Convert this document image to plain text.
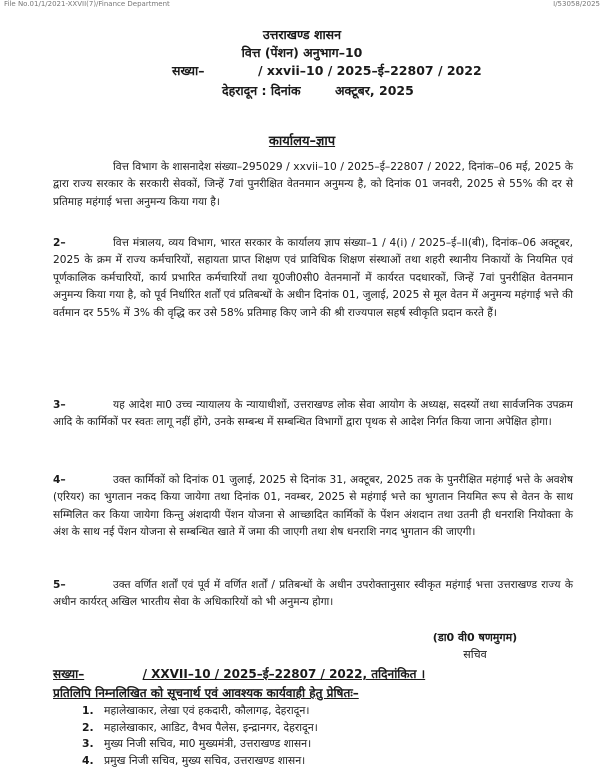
File No.01/1/2021-XXVII(7)/Finance Department	I/53058/2025
उत्तराखण्ड शासन
वित्त (पेंशन) अनुभाग–10
सख्या–	/ xxvii–10 / 2025–ई–22807 / 2022
देहरादून : दिनांक	अक्टूबर, 2025
कार्यालय–ज्ञाप
वित्त विभाग के शासनादेश संख्या–295029 / xxvii–10 / 2025–ई–22807 / 2022, दिनांक–06 मई, 2025 के द्वारा राज्य सरकार के सरकारी सेवकों, जिन्हें 7वां पुनरीक्षित वेतनमान अनुमन्य है, को दिनांक 01 जनवरी, 2025 से 55% की दर से प्रतिमाह महंगाई भत्ता अनुमन्य किया गया है।
2–	वित्त मंत्रालय, व्यय विभाग, भारत सरकार के कार्यालय ज्ञाप संख्या–1 / 4(i) / 2025–ई–II(बी), दिनांक–06 अक्टूबर, 2025 के क्रम में राज्य कर्मचारियों, सहायता प्राप्त शिक्षण एवं प्राविधिक शिक्षण संस्थाओं तथा शहरी स्थानीय निकायों के नियमित एवं पूर्णकालिक कर्मचारियों, कार्य प्रभारित कर्मचारियों तथा यू0जी0सी0 वेतनमानों में कार्यरत पदधारकों, जिन्हें 7वां पुनरीक्षित वेतनमान अनुमन्य किया गया है, को पूर्व निर्धारित शर्तों एवं प्रतिबन्धों के अधीन दिनांक 01, जुलाई, 2025 से मूल वेतन में अनुमन्य महंगाई भत्ते की वर्तमान दर 55% में 3% की वृद्धि कर उसे 58% प्रतिमाह किए जाने की श्री राज्यपाल सहर्ष स्वीकृति प्रदान करते हैं।
3–	यह आदेश मा0 उच्च न्यायालय के न्यायाधीशों, उत्तराखण्ड लोक सेवा आयोग के अध्यक्ष, सदस्यों तथा सार्वजनिक उपक्रम आदि के कार्मिकों पर स्वतः लागू नहीं होंगे, उनके सम्बन्ध में सम्बन्धित विभागों द्वारा पृथक से आदेश निर्गत किया जाना अपेक्षित होगा।
4–	उक्त कार्मिकों को दिनांक 01 जुलाई, 2025 से दिनांक 31, अक्टूबर, 2025 तक के पुनरीक्षित महंगाई भत्ते के अवशेष (एरियर) का भुगतान नकद किया जायेगा तथा दिनांक 01, नवम्बर, 2025 से महंगाई भत्ते का भुगतान नियमित रूप से वेतन के साथ सम्मिलित कर किया जायेगा किन्तु अंशदायी पेंशन योजना से आच्छादित कार्मिकों के पेंशन अंशदान तथा उतनी ही धनराशि नियोक्ता के अंश के साथ नई पेंशन योजना से सम्बन्धित खाते में जमा की जाएगी तथा शेष धनराशि नगद भुगतान की जाएगी।
5–	उक्त वर्णित शर्तों एवं पूर्व में वर्णित शर्तों / प्रतिबन्धों के अधीन उपरोक्तानुसार स्वीकृत महंगाई भत्ता उत्तराखण्ड राज्य के अधीन कार्यरत् अखिल भारतीय सेवा के अधिकारियों को भी अनुमन्य होगा।
(डा0 वी0 षणमुगम)
सचिव
सख्या–	/ XXVII–10 / 2025–ई–22807 / 2022, तदिनांकित ।
प्रतिलिपि निम्नलिखित को सूचनार्थ एवं आवश्यक कार्यवाही हेतु प्रेषितः–
1. महालेखाकार, लेखा एवं हकदारी, कौलागढ़, देहरादून।
2. महालेखाकार, आडिट, वैभव पैलेस, इन्द्रानगर, देहरादून।
3. मुख्य निजी सचिव, मा0 मुख्यमंत्री, उत्तराखण्ड शासन।
4. प्रमुख निजी सचिव, मुख्य सचिव, उत्तराखण्ड शासन।
